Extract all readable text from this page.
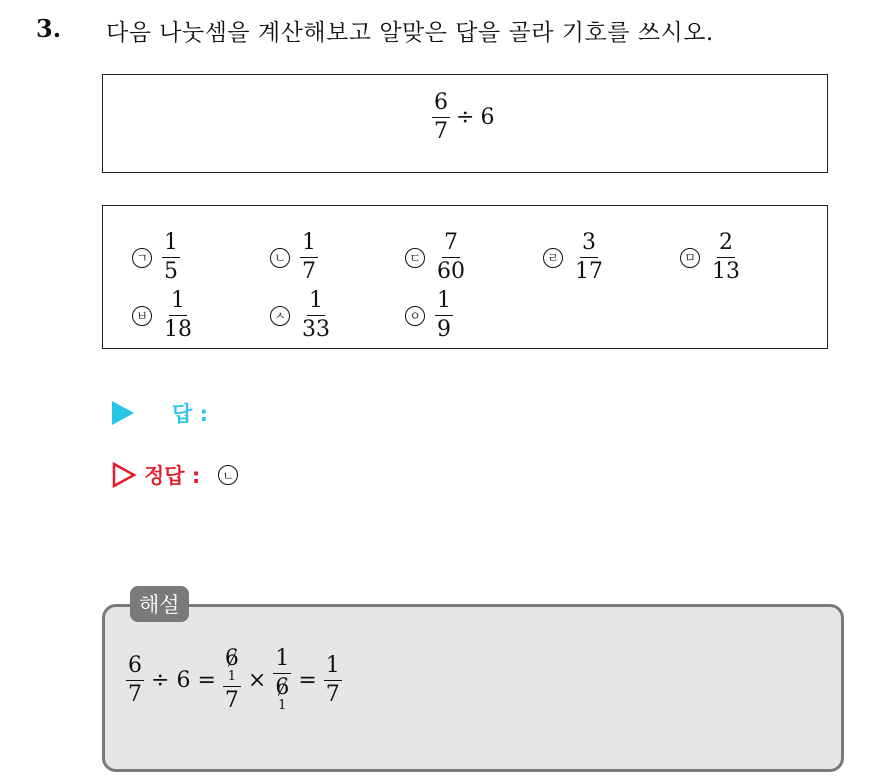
3. 다음 나눗셈을 계산해보고 알맞은 답을 골라 기호를 쓰시오.
$\frac{6}{7} \div 6$
ㄱ $\frac{1}{5}$	ㄴ $\frac{1}{7}$	ㄷ $\frac{7}{60}$	ㄹ $\frac{3}{17}$	ㅁ $\frac{2}{13}$
ㅂ $\frac{1}{18}$	ㅅ $\frac{1}{33}$	ㅇ $\frac{1}{9}$
답 :
정답 :	ㄴ
해설
$\frac{6}{7} \div 6 = 6$
1
7 × 1
6
$1 = \frac{1}{7}$
